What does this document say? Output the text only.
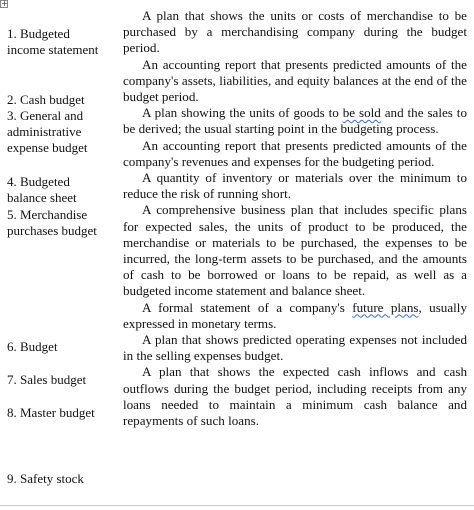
+
1. Budgeted
income statement
2. Cash budget
3. General and
administrative
expense budget
4. Budgeted
balance sheet
5. Merchandise
purchases budget
6. Budget
7. Sales budget
8. Master budget
9. Safety stock

A plan that shows the units or costs of merchandise to be purchased by a merchandising company during the budget period.

An accounting report that presents predicted amounts of the company's assets, liabilities, and equity balances at the end of the budget period.

A plan showing the units of goods to be sold and the sales to be derived; the usual starting point in the budgeting process.

An accounting report that presents predicted amounts of the company's revenues and expenses for the budgeting period.

A quantity of inventory or materials over the minimum to reduce the risk of running short.

A comprehensive business plan that includes specific plans for expected sales, the units of product to be produced, the merchandise or materials to be purchased, the expenses to be incurred, the long-term assets to be purchased, and the amounts of cash to be borrowed or loans to be repaid, as well as a budgeted income statement and balance sheet.

A formal statement of a company's future plans, usually expressed in monetary terms.

A plan that shows predicted operating expenses not included in the selling expenses budget.

A plan that shows the expected cash inflows and cash outflows during the budget period, including receipts from any loans needed to maintain a minimum cash balance and repayments of such loans.
